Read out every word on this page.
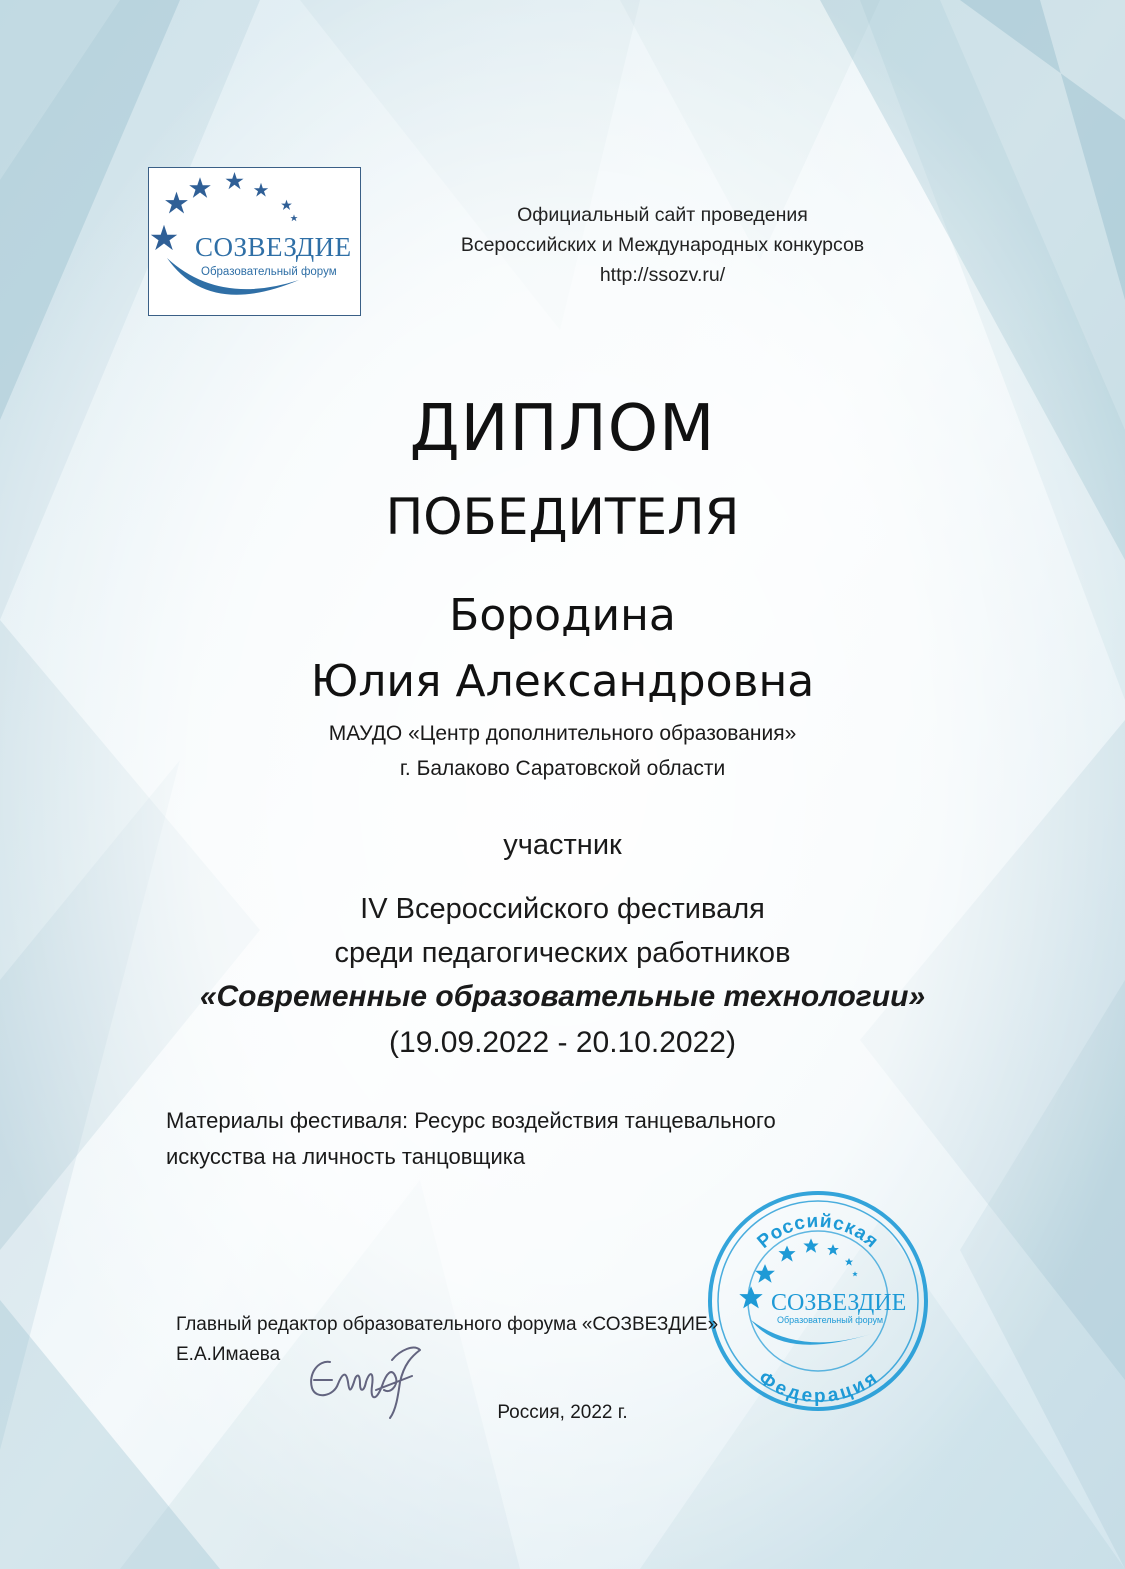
СОЗВЕЗДИЕ
Образовательный форум
Официальный сайт проведения
Всероссийских и Международных конкурсов
http://ssozv.ru/
ДИПЛОМ
ПОБЕДИТЕЛЯ
Бородина
Юлия Александровна
МАУДО «Центр дополнительного образования»
г. Балаково Саратовской области
участник
IV Всероссийского фестиваля
среди педагогических работников
«Современные образовательные технологии»
(19.09.2022 - 20.10.2022)
Материалы фестиваля: Ресурс воздействия танцевального
искусства на личность танцовщика
Российская
Федерация
СОЗВЕЗДИЕ
Образовательный форум
Главный редактор образовательного форума «СОЗВЕЗДИЕ»
Е.А.Имаева
Россия, 2022 г.
